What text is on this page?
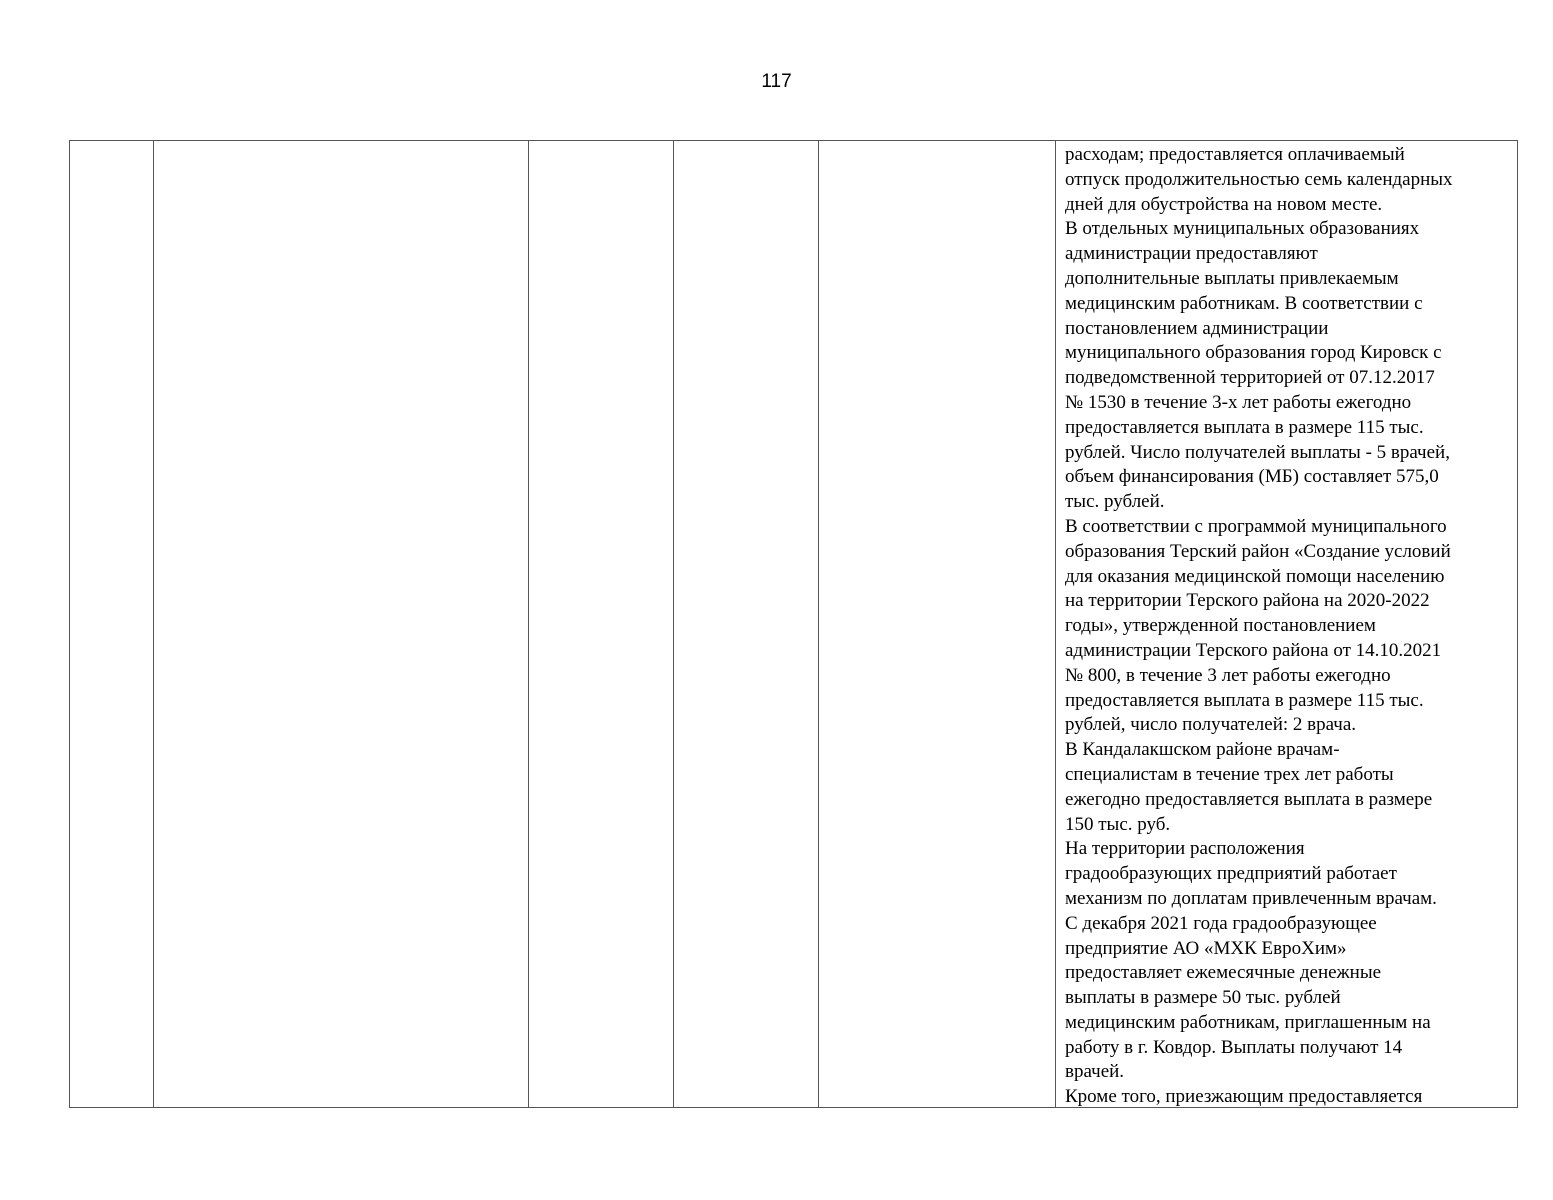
117

расходам; предоставляется оплачиваемый
отпуск продолжительностью семь календарных
дней для обустройства на новом месте.

В отдельных муниципальных образованиях
администрации предоставляют
дополнительные выплаты привлекаемым
медицинским работникам. В соответствии с
постановлением администрации
муниципального образования город Кировск с
подведомственной территорией от 07.12.2017
№ 1530 в течение 3-х лет работы ежегодно
предоставляется выплата в размере 115 тыс.
рублей. Число получателей выплаты - 5 врачей,
объем финансирования (МБ) составляет 575,0
тыс. рублей.

В соответствии с программой муниципального
образования Терский район «Создание условий
для оказания медицинской помощи населению
на территории Терского района на 2020-2022
годы», утвержденной постановлением
администрации Терского района от 14.10.2021
№ 800, в течение 3 лет работы ежегодно
предоставляется выплата в размере 115 тыс.
рублей, число получателей: 2 врача.

В Кандалакшском районе врачам-
специалистам в течение трех лет работы
ежегодно предоставляется выплата в размере
150 тыс. руб.

На территории расположения
градообразующих предприятий работает
механизм по доплатам привлеченным врачам.
С декабря 2021 года градообразующее
предприятие АО «МХК ЕвроХим»
предоставляет ежемесячные денежные
выплаты в размере 50 тыс. рублей
медицинским работникам, приглашенным на
работу в г. Ковдор. Выплаты получают 14
врачей.

Кроме того, приезжающим предоставляется
